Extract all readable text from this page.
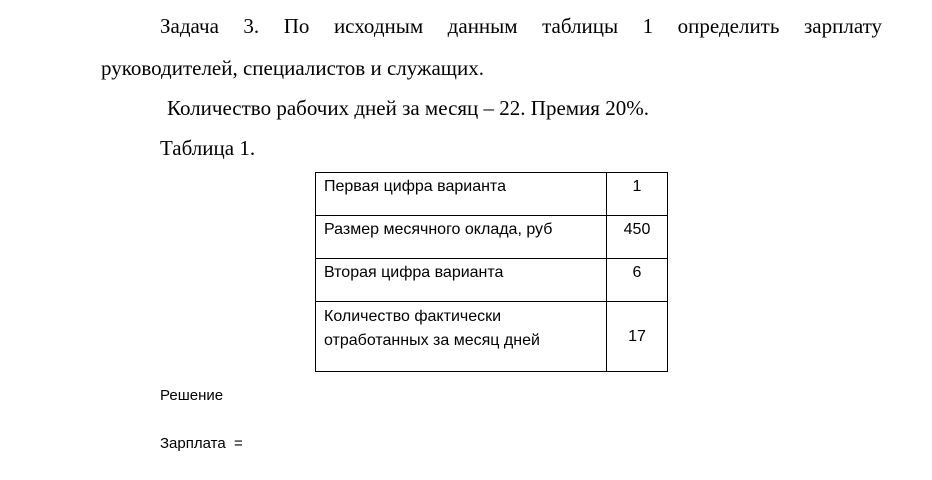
Задача 3. По исходным данным таблицы 1 определить зарплату
руководителей, специалистов и служащих.
Количество рабочих дней за месяц – 22. Премия 20%.
Таблица 1.
Первая цифра варианта	1
Размер месячного оклада, руб	450
Вторая цифра варианта	6

Количество фактически
отработанных за месяц дней	17
Решение
Зарплата  =
